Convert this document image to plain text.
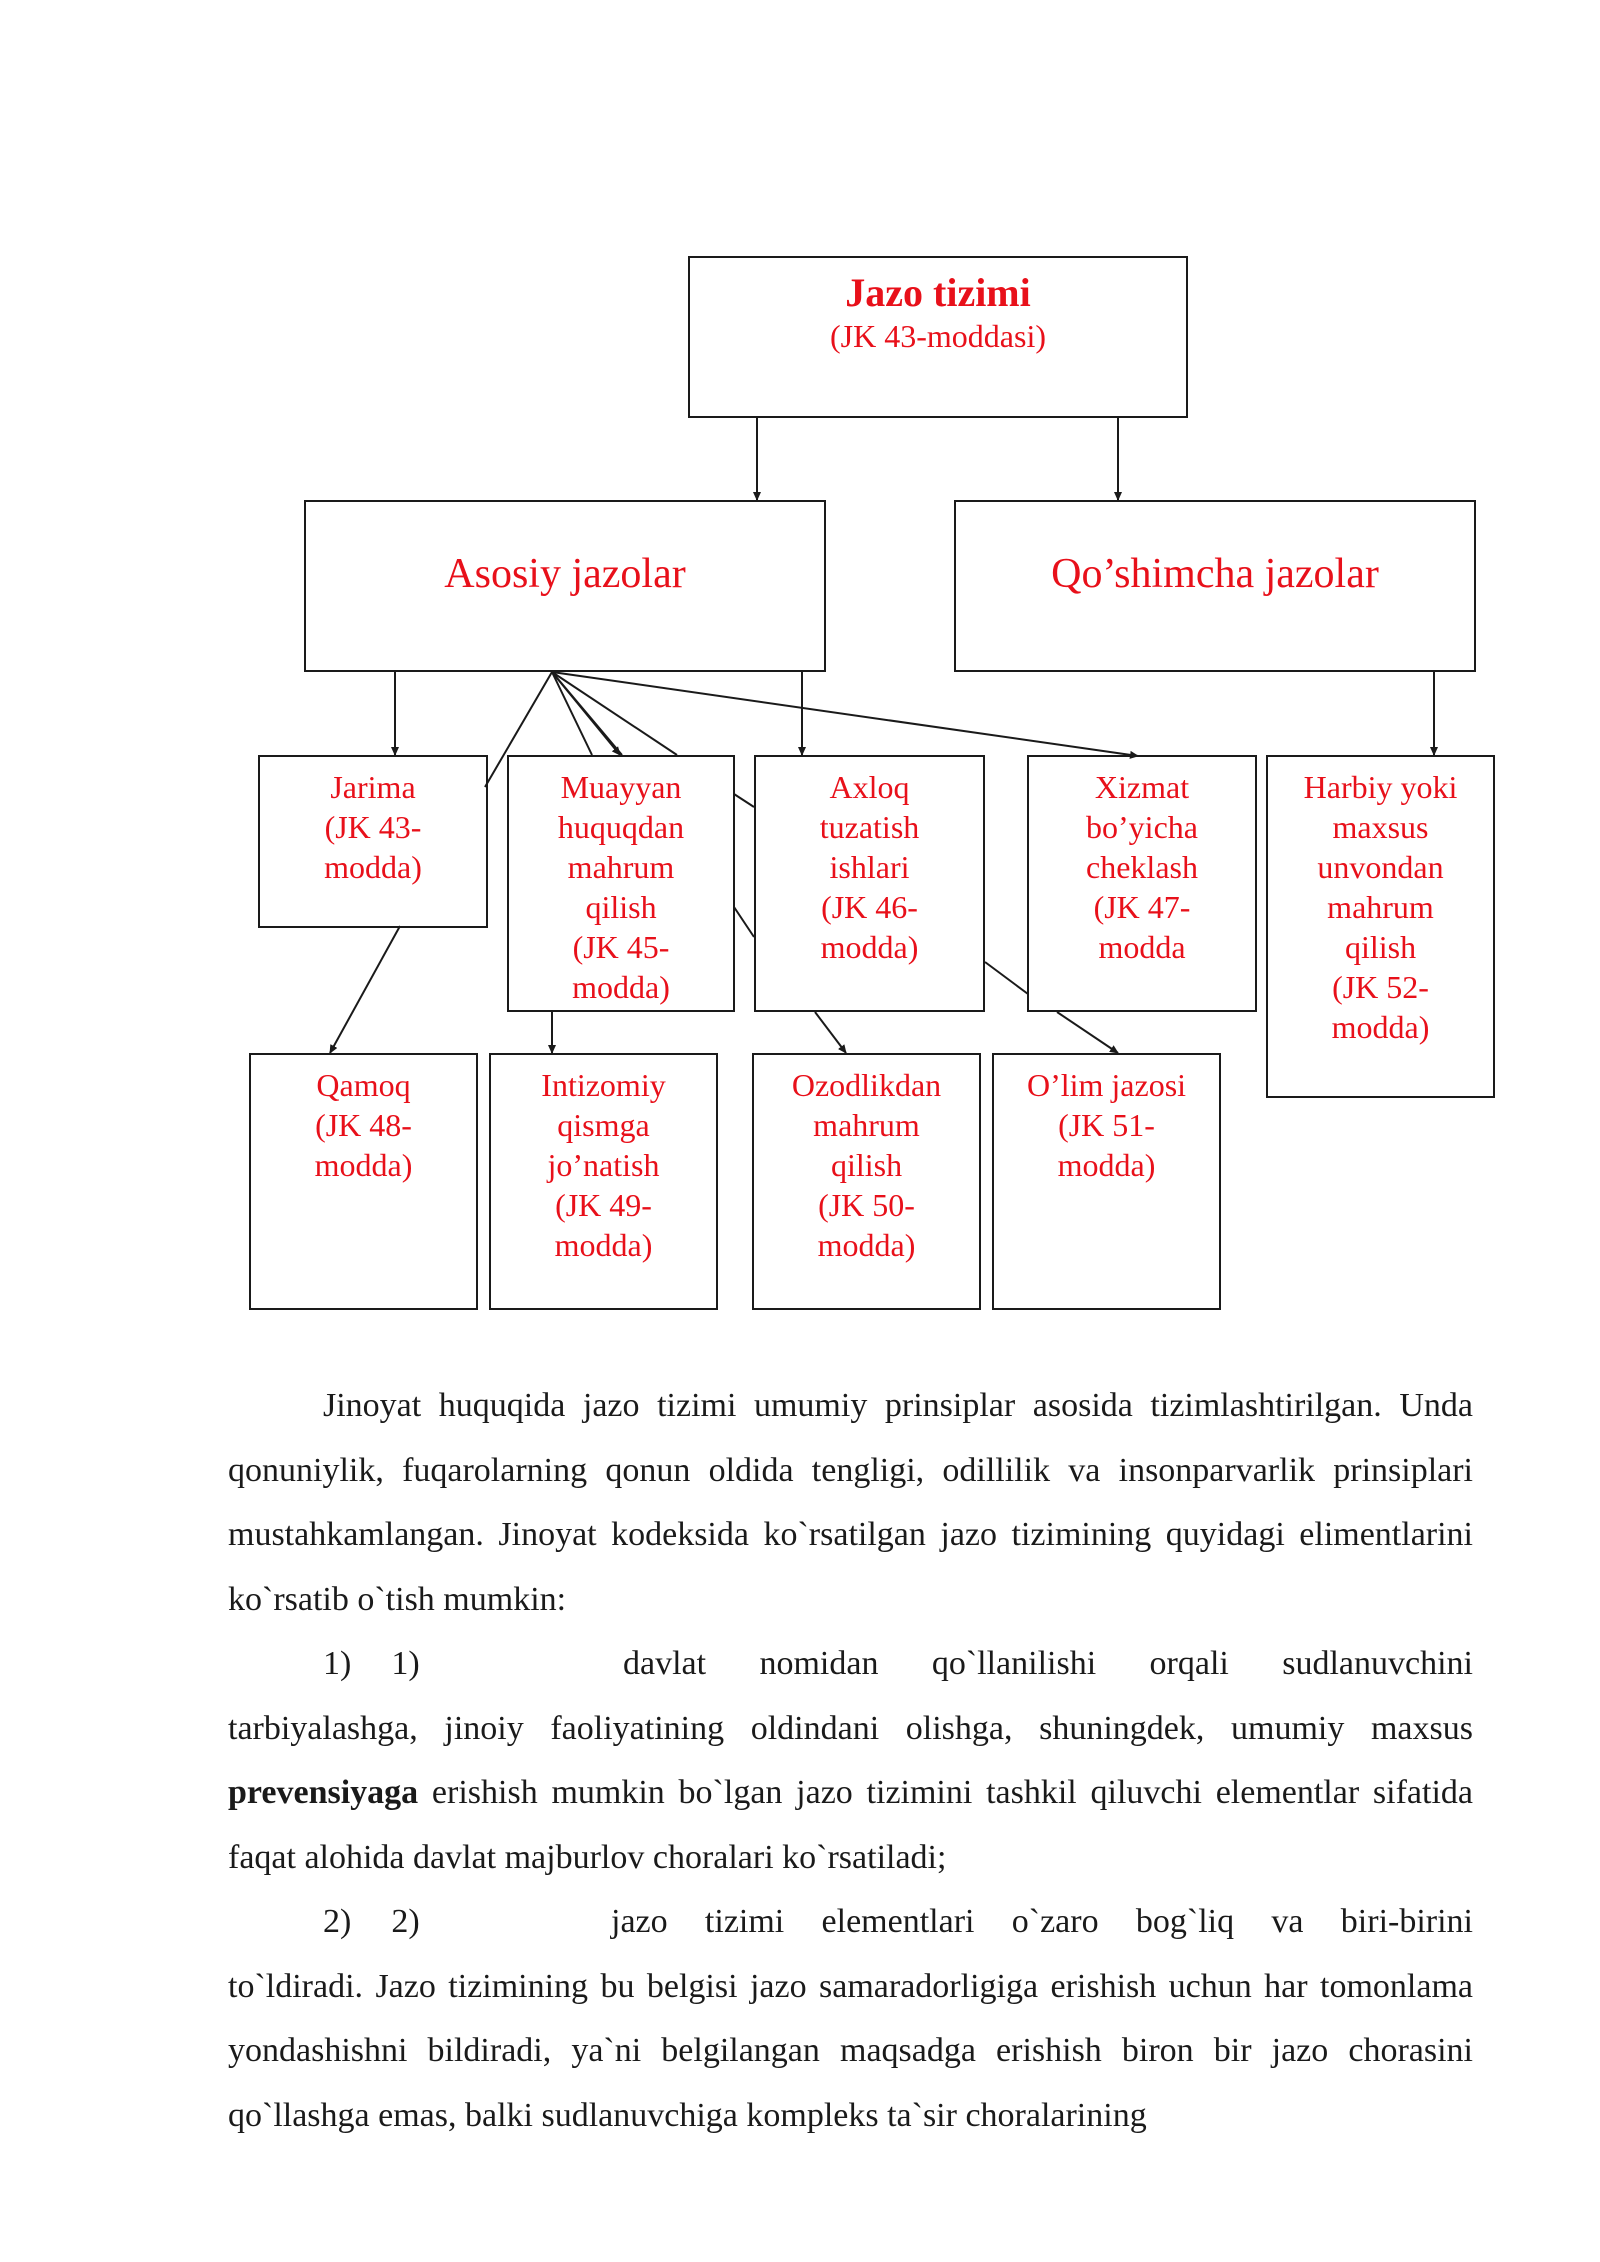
Jazo tizimi
(JK 43-moddasi)
Asosiy jazolar	Qo’shimcha jazolar
Jarima
(JK 43-
modda)
Muayyan
huquqdan
mahrum
qilish
(JK 45-
modda)
Axloq
tuzatish
ishlari
(JK 46-
modda)
Xizmat
bo’yicha
cheklash
(JK 47-
modda
Harbiy yoki
maxsus
unvondan
mahrum
qilish
(JK 52-
modda)
Qamoq
(JK 48-
modda)
Intizomiy
qismga
jo’natish
(JK 49-
modda)
Ozodlikdan
mahrum
qilish
(JK 50-
modda)
O’lim jazosi
(JK 51-
modda)

Jinoyat huquqida jazo tizimi umumiy prinsiplar asosida tizimlashtirilgan. Unda qonuniylik, fuqarolarning qonun oldida tengligi, odillilik va insonparvarlik prinsiplari mustahkamlangan. Jinoyat kodeksida ko`rsatilgan jazo tizimining quyidagi elimentlarini ko`rsatib o`tish mumkin:

1) 1)	davlat nomidan qo`llanilishi orqali sudlanuvchini

tarbiyalashga, jinoiy faoliyatining oldindani olishga, shuningdek, umumiy maxsus prevensiyaga erishish mumkin bo`lgan jazo tizimini tashkil qiluvchi elementlar sifatida faqat alohida davlat majburlov choralari ko`rsatiladi;

2) 2)	jazo tizimi elementlari o`zaro bog`liq va biri-birini

to`ldiradi. Jazo tizimining bu belgisi jazo samaradorligiga erishish uchun har tomonlama yondashishni bildiradi, ya`ni belgilangan maqsadga erishish biron bir jazo chorasini qo`llashga emas, balki sudlanuvchiga kompleks ta`sir choralarining
